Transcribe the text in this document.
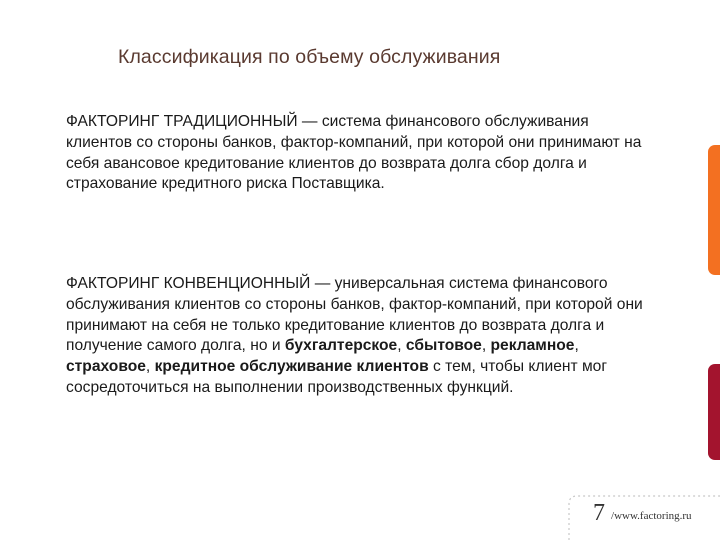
Классификация по объему обслуживания

ФАКТОРИНГ ТРАДИЦИОННЫЙ — система финансового обслуживания клиентов со стороны банков, фактор-компаний, при которой они принимают на себя авансовое кредитование клиентов до возврата долга сбор долга и страхование кредитного риска Поставщика.

ФАКТОРИНГ КОНВЕНЦИОННЫЙ — универсальная система финансового обслуживания клиентов со стороны банков, фактор-компаний, при которой они принимают на себя не только кредитование клиентов до возврата долга и получение самого долга, но и бухгалтерское, сбытовое, рекламное, страховое, кредитное обслуживание клиентов с тем, чтобы клиент мог сосредоточиться на выполнении производственных функций.

7 /www.factoring.ru
